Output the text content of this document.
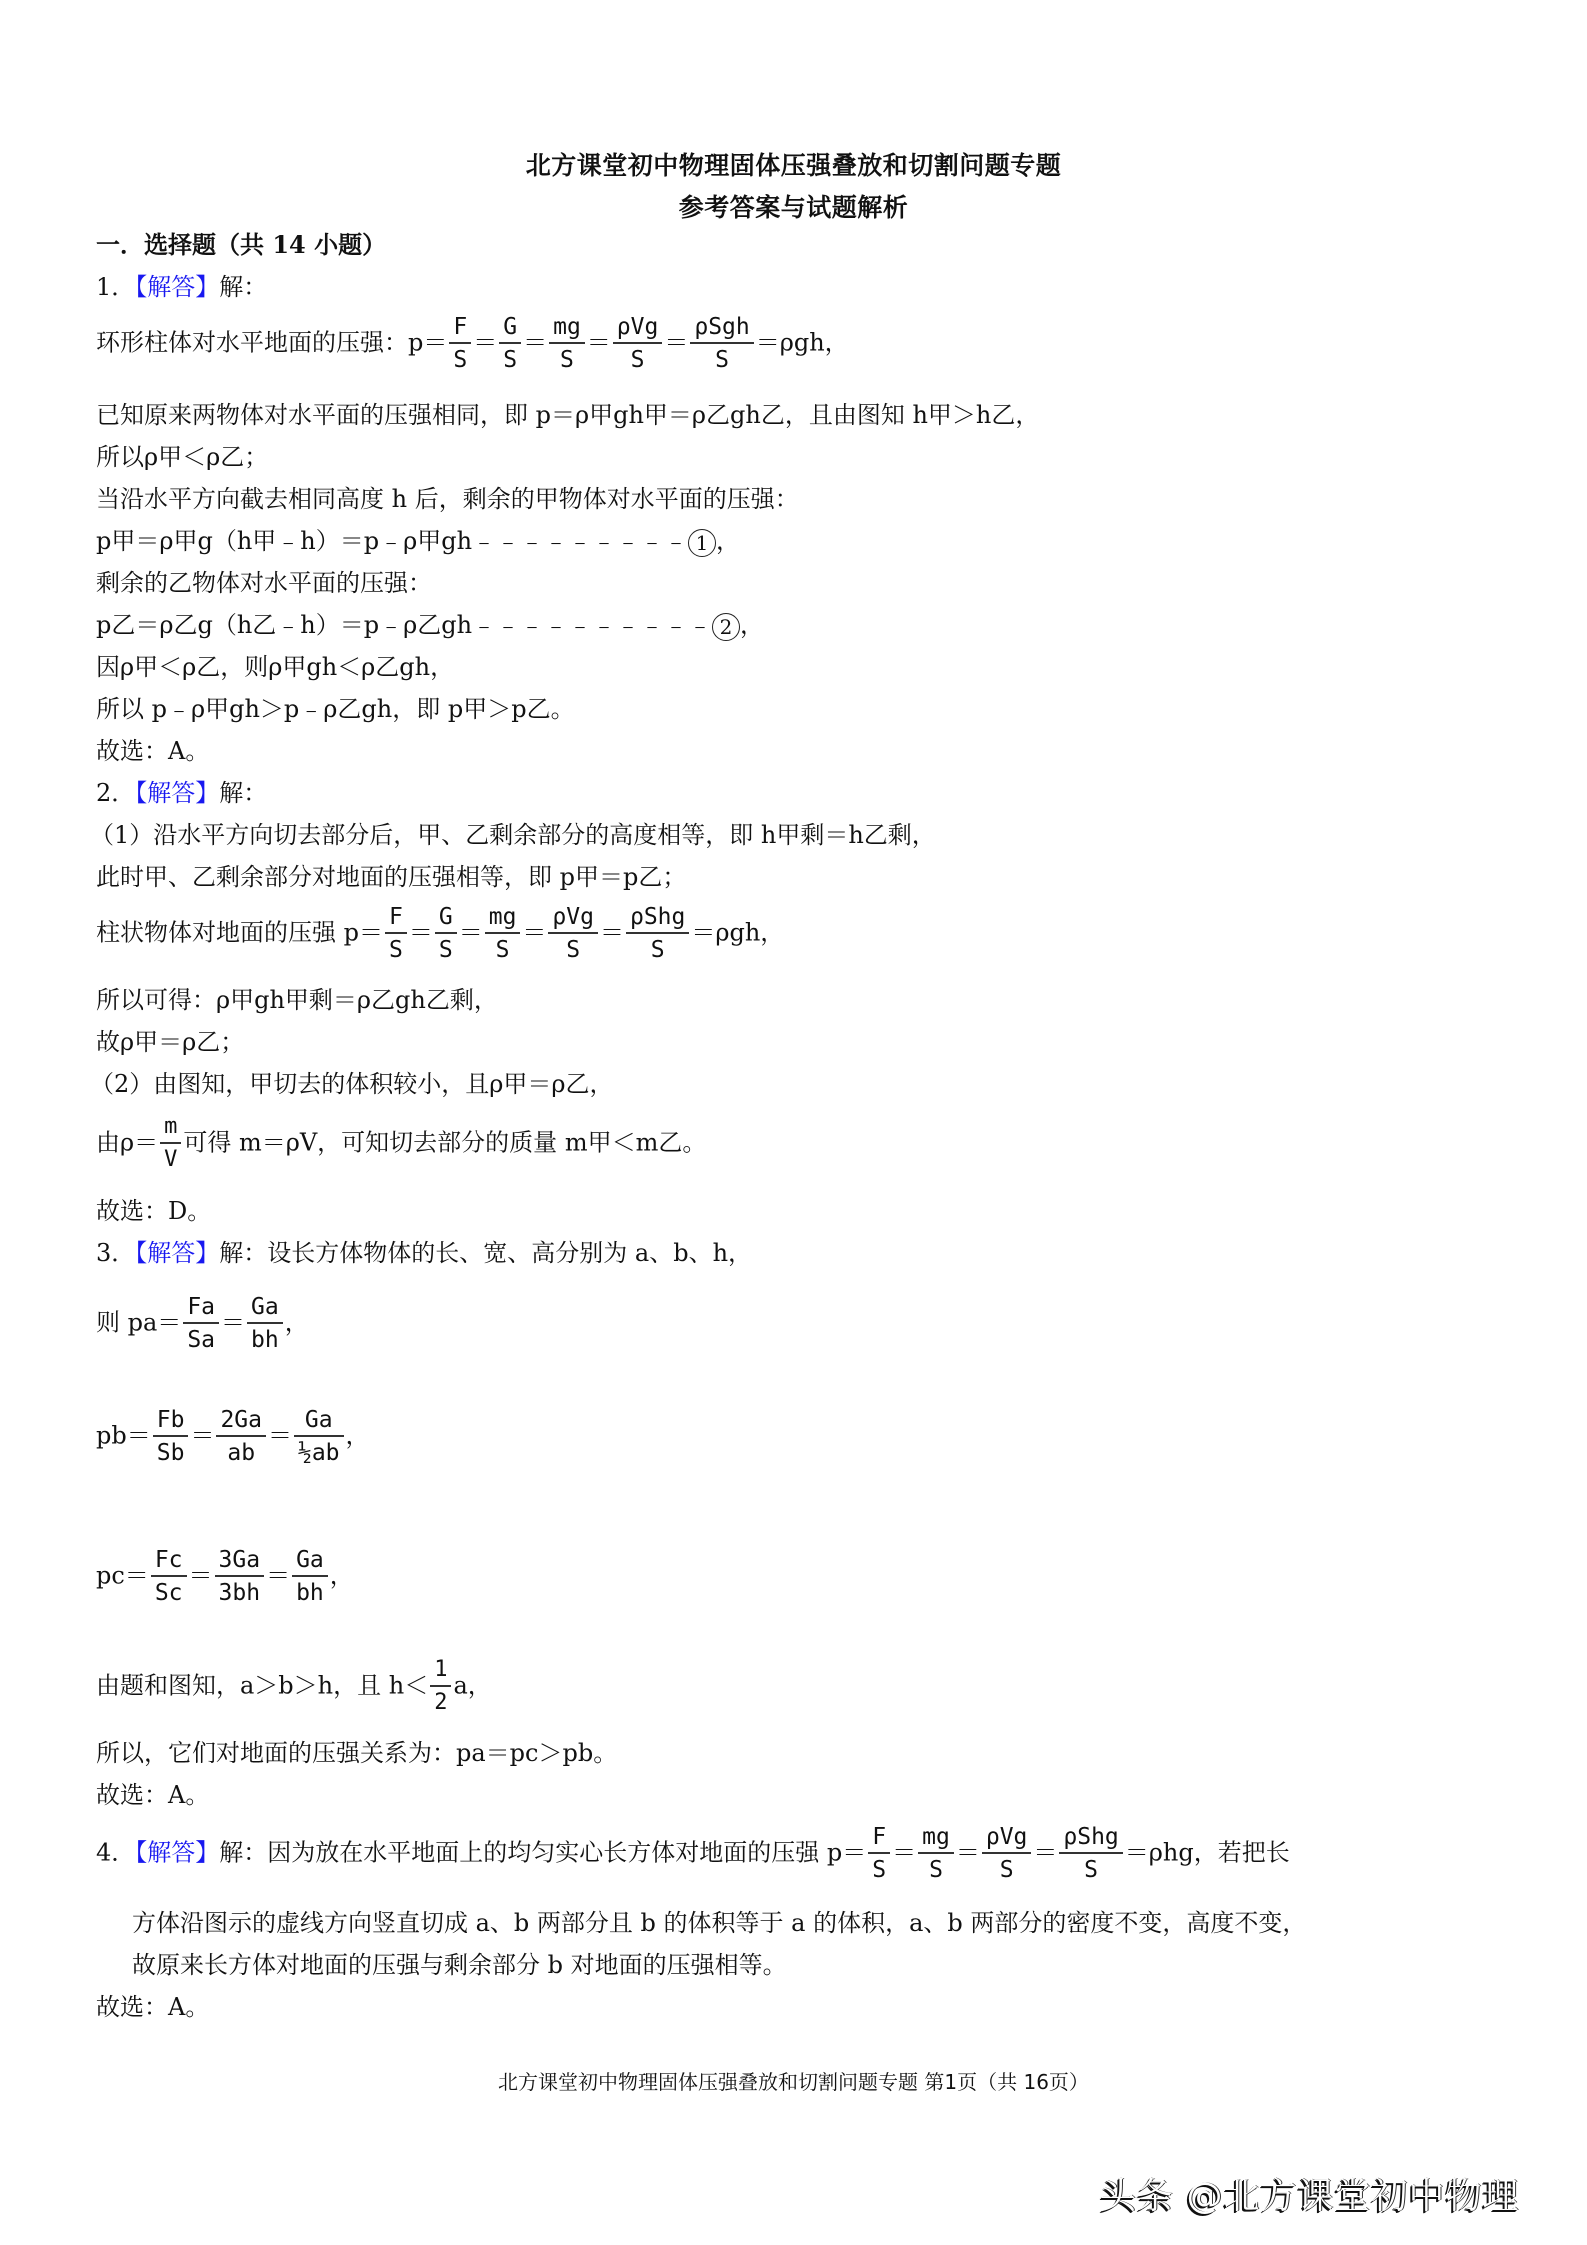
北方课堂初中物理固体压强叠放和切割问题专题
参考答案与试题解析
一．选择题（共 14 小题）
1．【解答】解：
环形柱体对水平地面的压强：$p= \frac{F}{S} = \frac{G}{S} = \frac{mg}{S} = \frac{\text{ρVg}}{S} = \frac{\text{ρSgh}}{S} =\rho gh$，
已知原来两物体对水平面的压强相同，即 p＝ρ甲gh甲＝ρ乙gh乙，且由图知 h甲＞h乙，
所以ρ甲＜ρ乙；
当沿水平方向截去相同高度 h 后，剩余的甲物体对水平面的压强：
p甲＝ρ甲g（h甲﹣h）＝p﹣ρ甲gh﹣﹣﹣﹣﹣﹣﹣﹣﹣ 1 ，
剩余的乙物体对水平面的压强：
p乙＝ρ乙g（h乙﹣h）＝p﹣ρ乙gh﹣﹣﹣﹣﹣﹣﹣﹣﹣﹣ 2 ，
因ρ甲＜ρ乙，则ρ甲gh＜ρ乙gh，
所以 p﹣ρ甲gh＞p﹣ρ乙gh，即 p甲＞p乙。
故选：A。
2．【解答】解：
（1）沿水平方向切去部分后，甲、乙剩余部分的高度相等，即 h甲剩＝h乙剩，
此时甲、乙剩余部分对地面的压强相等，即 p甲＝p乙；
柱状物体对地面的压强 $p= \frac{F}{S} = \frac{G}{S} = \frac{mg}{S} = \frac{\text{ρVg}}{S} = \frac{\text{ρShg}}{S} =\rho gh$，
所以可得：ρ甲gh甲剩＝ρ乙gh乙剩，
故ρ甲＝ρ乙；
（2）由图知，甲切去的体积较小，且ρ甲＝ρ乙，
由$\rho= \frac{m}{V}$ 可得 m＝ρV，可知切去部分的质量 m甲＜m乙。
故选：D。
3．【解答】解：设长方体物体的长、宽、高分别为 a、b、h，
则 $pa= \frac{Fa}{Sa} = \frac{Ga}{bh}$ ，
$pb= \frac{Fb}{Sb} = \frac{2Ga}{ab} = \frac{Ga}{\text{½ab}}$ ，
$pc= \frac{Fc}{Sc} = \frac{3Ga}{3bh} = \frac{Ga}{bh}$ ，
由题和图知，a＞b＞h，且 $h< \frac{1}{2}$ a，
所以，它们对地面的压强关系为：pa＝pc＞pb。
故选：A。
4．【解答】解：因为放在水平地面上的均匀实心长方体对地面的压强 $p= \frac{F}{S} = \frac{mg}{S} = \frac{\text{ρVg}}{S} = \frac{\text{ρShg}}{S} =\rho hg$，若把长
方体沿图示的虚线方向竖直切成 a、b 两部分且 b 的体积等于 a 的体积，a、b 两部分的密度不变，高度不变，
故原来长方体对地面的压强与剩余部分 b 对地面的压强相等。
故选：A。
北方课堂初中物理固体压强叠放和切割问题专题 第1页（共 16页）
头条 @北方课堂初中物理
